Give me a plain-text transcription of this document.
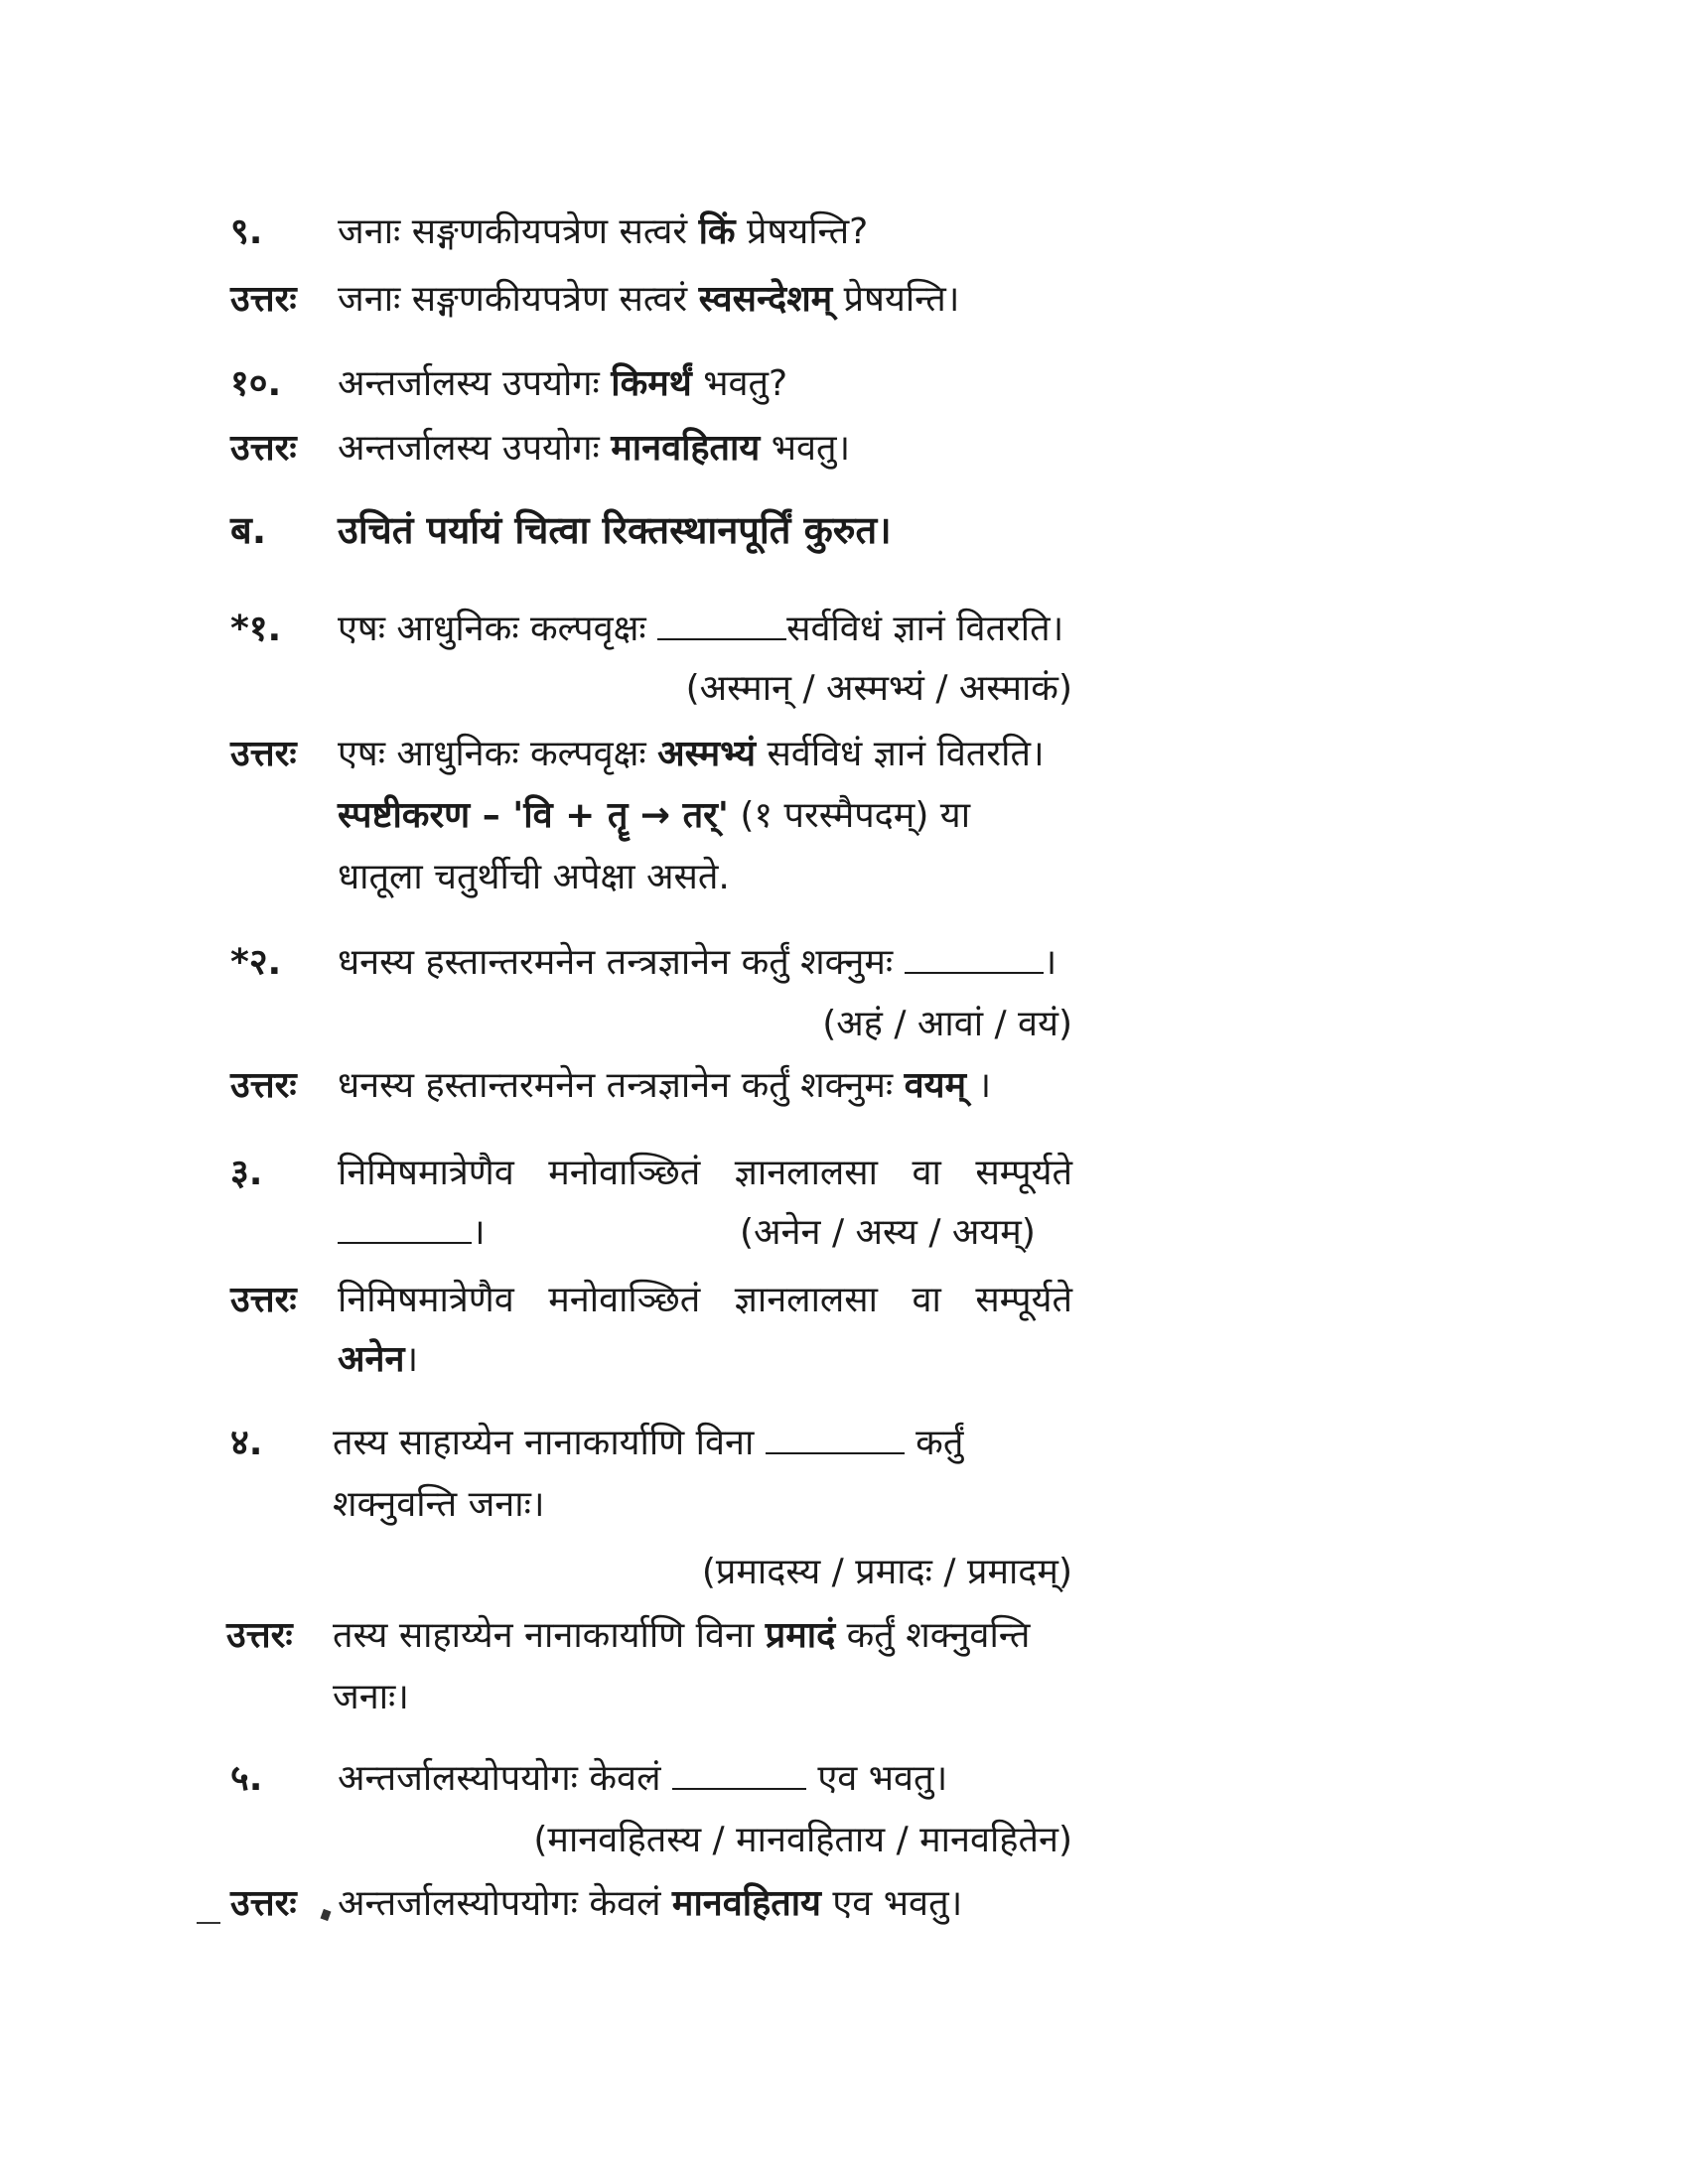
९. जनाः सङ्गणकीयपत्रेण सत्वरं किं प्रेषयन्ति?
उत्तरः जनाः सङ्गणकीयपत्रेण सत्वरं स्वसन्देशम् प्रेषयन्ति।
१०. अन्तर्जालस्य उपयोगः किमर्थं भवतु?
उत्तरः अन्तर्जालस्य उपयोगः मानवहिताय भवतु।
ब. उचितं पर्यायं चित्वा रिक्तस्थानपूर्तिं कुरुत।
*१. एषः आधुनिकः कल्पवृक्षः	सर्वविधं ज्ञानं वितरति।
(अस्मान् / अस्मभ्यं / अस्माकं)
उत्तरः एषः आधुनिकः कल्पवृक्षः अस्मभ्यं सर्वविधं ज्ञानं वितरति।
स्पष्टीकरण – 'वि + तॄ → तर्' (१ परस्मैपदम्) या
धातूला चतुर्थीची अपेक्षा असते.
*२. धनस्य हस्तान्तरमनेन तन्त्रज्ञानेन कर्तुं शक्नुमः	।
(अहं / आवां / वयं)
उत्तरः धनस्य हस्तान्तरमनेन तन्त्रज्ञानेन कर्तुं शक्नुमः वयम् ।
३. निमिषमात्रेणैव मनोवाञ्छितं ज्ञानलालसा वा सम्पूर्यते
।	(अनेन / अस्य / अयम्)
उत्तरः निमिषमात्रेणैव मनोवाञ्छितं ज्ञानलालसा वा सम्पूर्यते
अनेन।
४. तस्य साहाय्येन नानाकार्याणि विना	कर्तुं
शक्नुवन्ति जनाः।
(प्रमादस्य / प्रमादः / प्रमादम्)
उत्तरः तस्य साहाय्येन नानाकार्याणि विना प्रमादं कर्तुं शक्नुवन्ति
जनाः।
५. अन्तर्जालस्योपयोगः केवलं	एव भवतु।
(मानवहितस्य / मानवहिताय / मानवहितेन)
उत्तरः अन्तर्जालस्योपयोगः केवलं मानवहिताय एव भवतु।
